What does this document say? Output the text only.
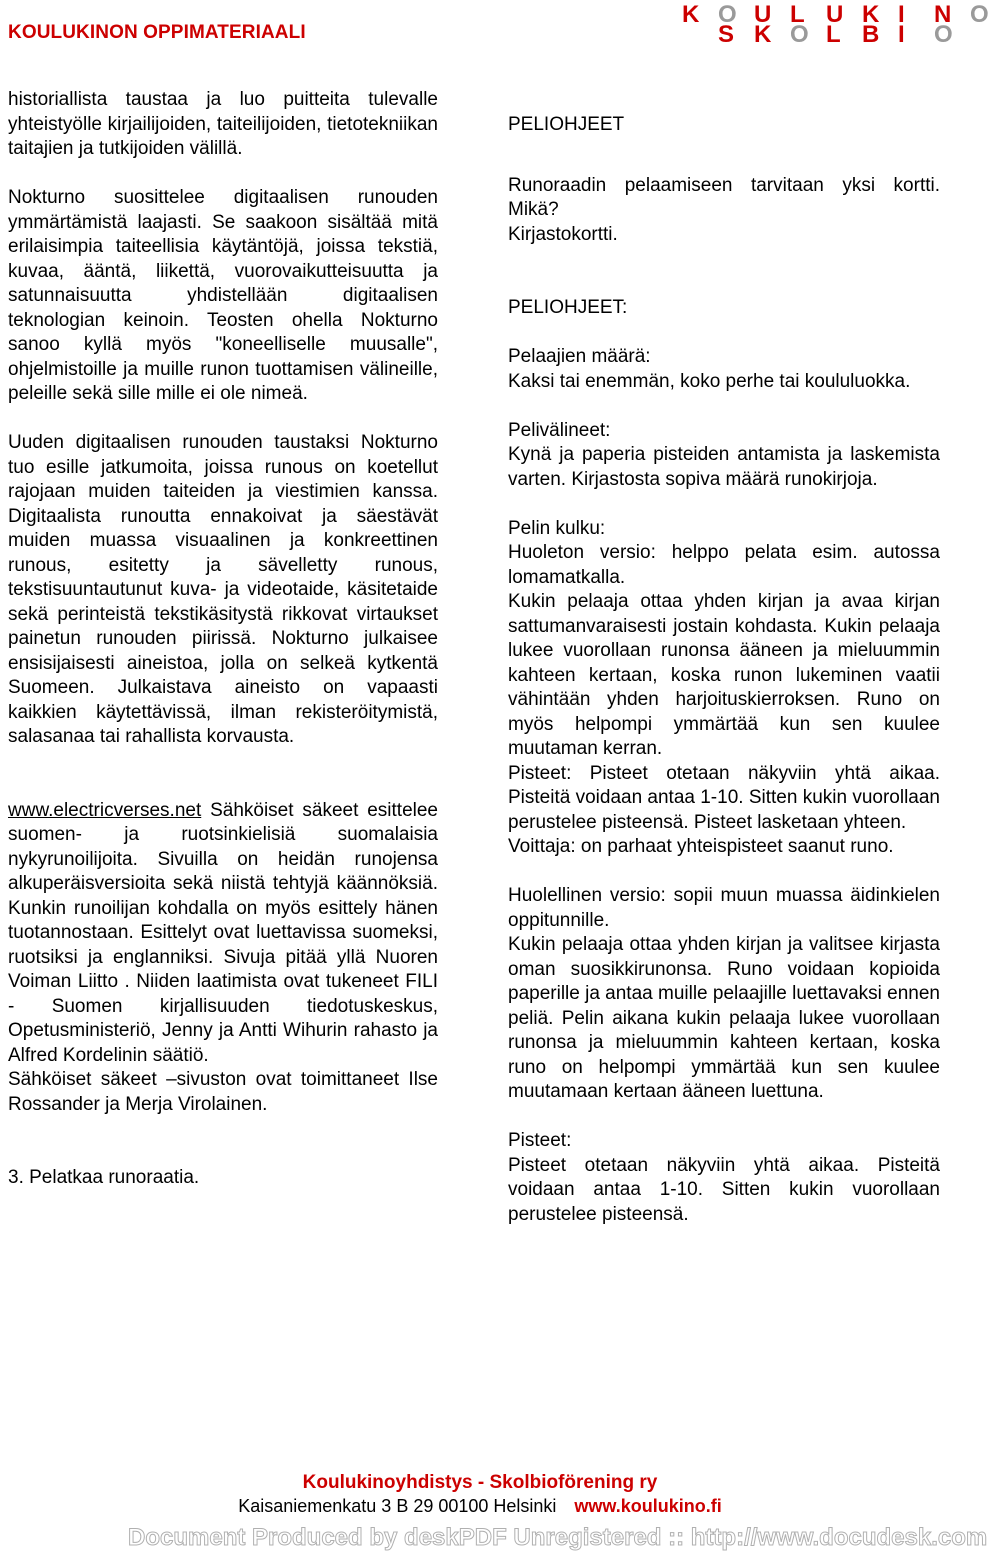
KOULUKINON OPPIMATERIAALI
K O U L U K I N O
S K O L B I O

historiallista taustaa ja luo puitteita tulevalle yhteistyölle kirjailijoiden, taiteilijoiden, tietotekniikan taitajien ja tutkijoiden välillä.

Nokturno suosittelee digitaalisen runouden ymmärtämistä laajasti. Se saakoon sisältää mitä erilaisimpia taiteellisia käytäntöjä, joissa tekstiä, kuvaa, ääntä, liikettä, vuorovaikutteisuutta ja satunnaisuutta yhdistellään digitaalisen teknologian keinoin. Teosten ohella Nokturno sanoo kyllä myös "koneelliselle muusalle", ohjelmistoille ja muille runon tuottamisen välineille, peleille sekä sille mille ei ole nimeä.

Uuden digitaalisen runouden taustaksi Nokturno tuo esille jatkumoita, joissa runous on koetellut rajojaan muiden taiteiden ja viestimien kanssa. Digitaalista runoutta ennakoivat ja säestävät muiden muassa visuaalinen ja konkreettinen runous, esitetty ja sävelletty runous, tekstisuuntautunut kuva- ja videotaide, käsitetaide sekä perinteistä tekstikäsitystä rikkovat virtaukset painetun runouden piirissä. Nokturno julkaisee ensisijaisesti aineistoa, jolla on selkeä kytkentä Suomeen. Julkaistava aineisto on vapaasti kaikkien käytettävissä, ilman rekisteröitymistä, salasanaa tai rahallista korvausta.

www.electricverses.net Sähköiset säkeet esittelee suomen- ja ruotsinkielisiä suomalaisia nykyrunoilijoita. Sivuilla on heidän runojensa alkuperäisversioita sekä niistä tehtyjä käännöksiä. Kunkin runoilijan kohdalla on myös esittely hänen tuotannostaan. Esittelyt ovat luettavissa suomeksi, ruotsiksi ja englanniksi. Sivuja pitää yllä Nuoren Voiman Liitto . Niiden laatimista ovat tukeneet FILI - Suomen kirjallisuuden tiedotuskeskus, Opetusministeriö, Jenny ja Antti Wihurin rahasto ja Alfred Kordelinin säätiö.

Sähköiset säkeet –sivuston ovat toimittaneet Ilse Rossander ja Merja Virolainen.

3. Pelatkaa runoraatia.

PELIOHJEET

Runoraadin pelaamiseen tarvitaan yksi kortti. Mikä?

Kirjastokortti.

PELIOHJEET:

Pelaajien määrä:

Kaksi tai enemmän, koko perhe tai koululuokka.

Pelivälineet:

Kynä ja paperia pisteiden antamista ja laskemista varten. Kirjastosta sopiva määrä runokirjoja.

Pelin kulku:

Huoleton versio: helppo pelata esim. autossa lomamatkalla.

Kukin pelaaja ottaa yhden kirjan ja avaa kirjan sattumanvaraisesti jostain kohdasta. Kukin pelaaja lukee vuorollaan runonsa ääneen ja mieluummin kahteen kertaan, koska runon lukeminen vaatii vähintään yhden harjoituskierroksen. Runo on myös helpompi ymmärtää kun sen kuulee muutaman kerran.

Pisteet: Pisteet otetaan näkyviin yhtä aikaa. Pisteitä voidaan antaa 1-10. Sitten kukin vuorollaan perustelee pisteensä. Pisteet lasketaan yhteen.

Voittaja: on parhaat yhteispisteet saanut runo.

Huolellinen versio: sopii muun muassa äidinkielen oppitunnille.

Kukin pelaaja ottaa yhden kirjan ja valitsee kirjasta oman suosikkirunonsa. Runo voidaan kopioida paperille ja antaa muille pelaajille luettavaksi ennen peliä. Pelin aikana kukin pelaaja lukee vuorollaan runonsa ja mieluummin kahteen kertaan, koska runo on helpompi ymmärtää kun sen kuulee muutamaan kertaan ääneen luettuna.

Pisteet:

Pisteet otetaan näkyviin yhtä aikaa. Pisteitä voidaan antaa 1-10. Sitten kukin vuorollaan perustelee pisteensä.

Koulukinoyhdistys - Skolbioförening ry
Kaisaniemenkatu 3 B 29 00100 Helsinki www.koulukino.fi
Document Produced by deskPDF Unregistered :: http://www.docudesk.com
